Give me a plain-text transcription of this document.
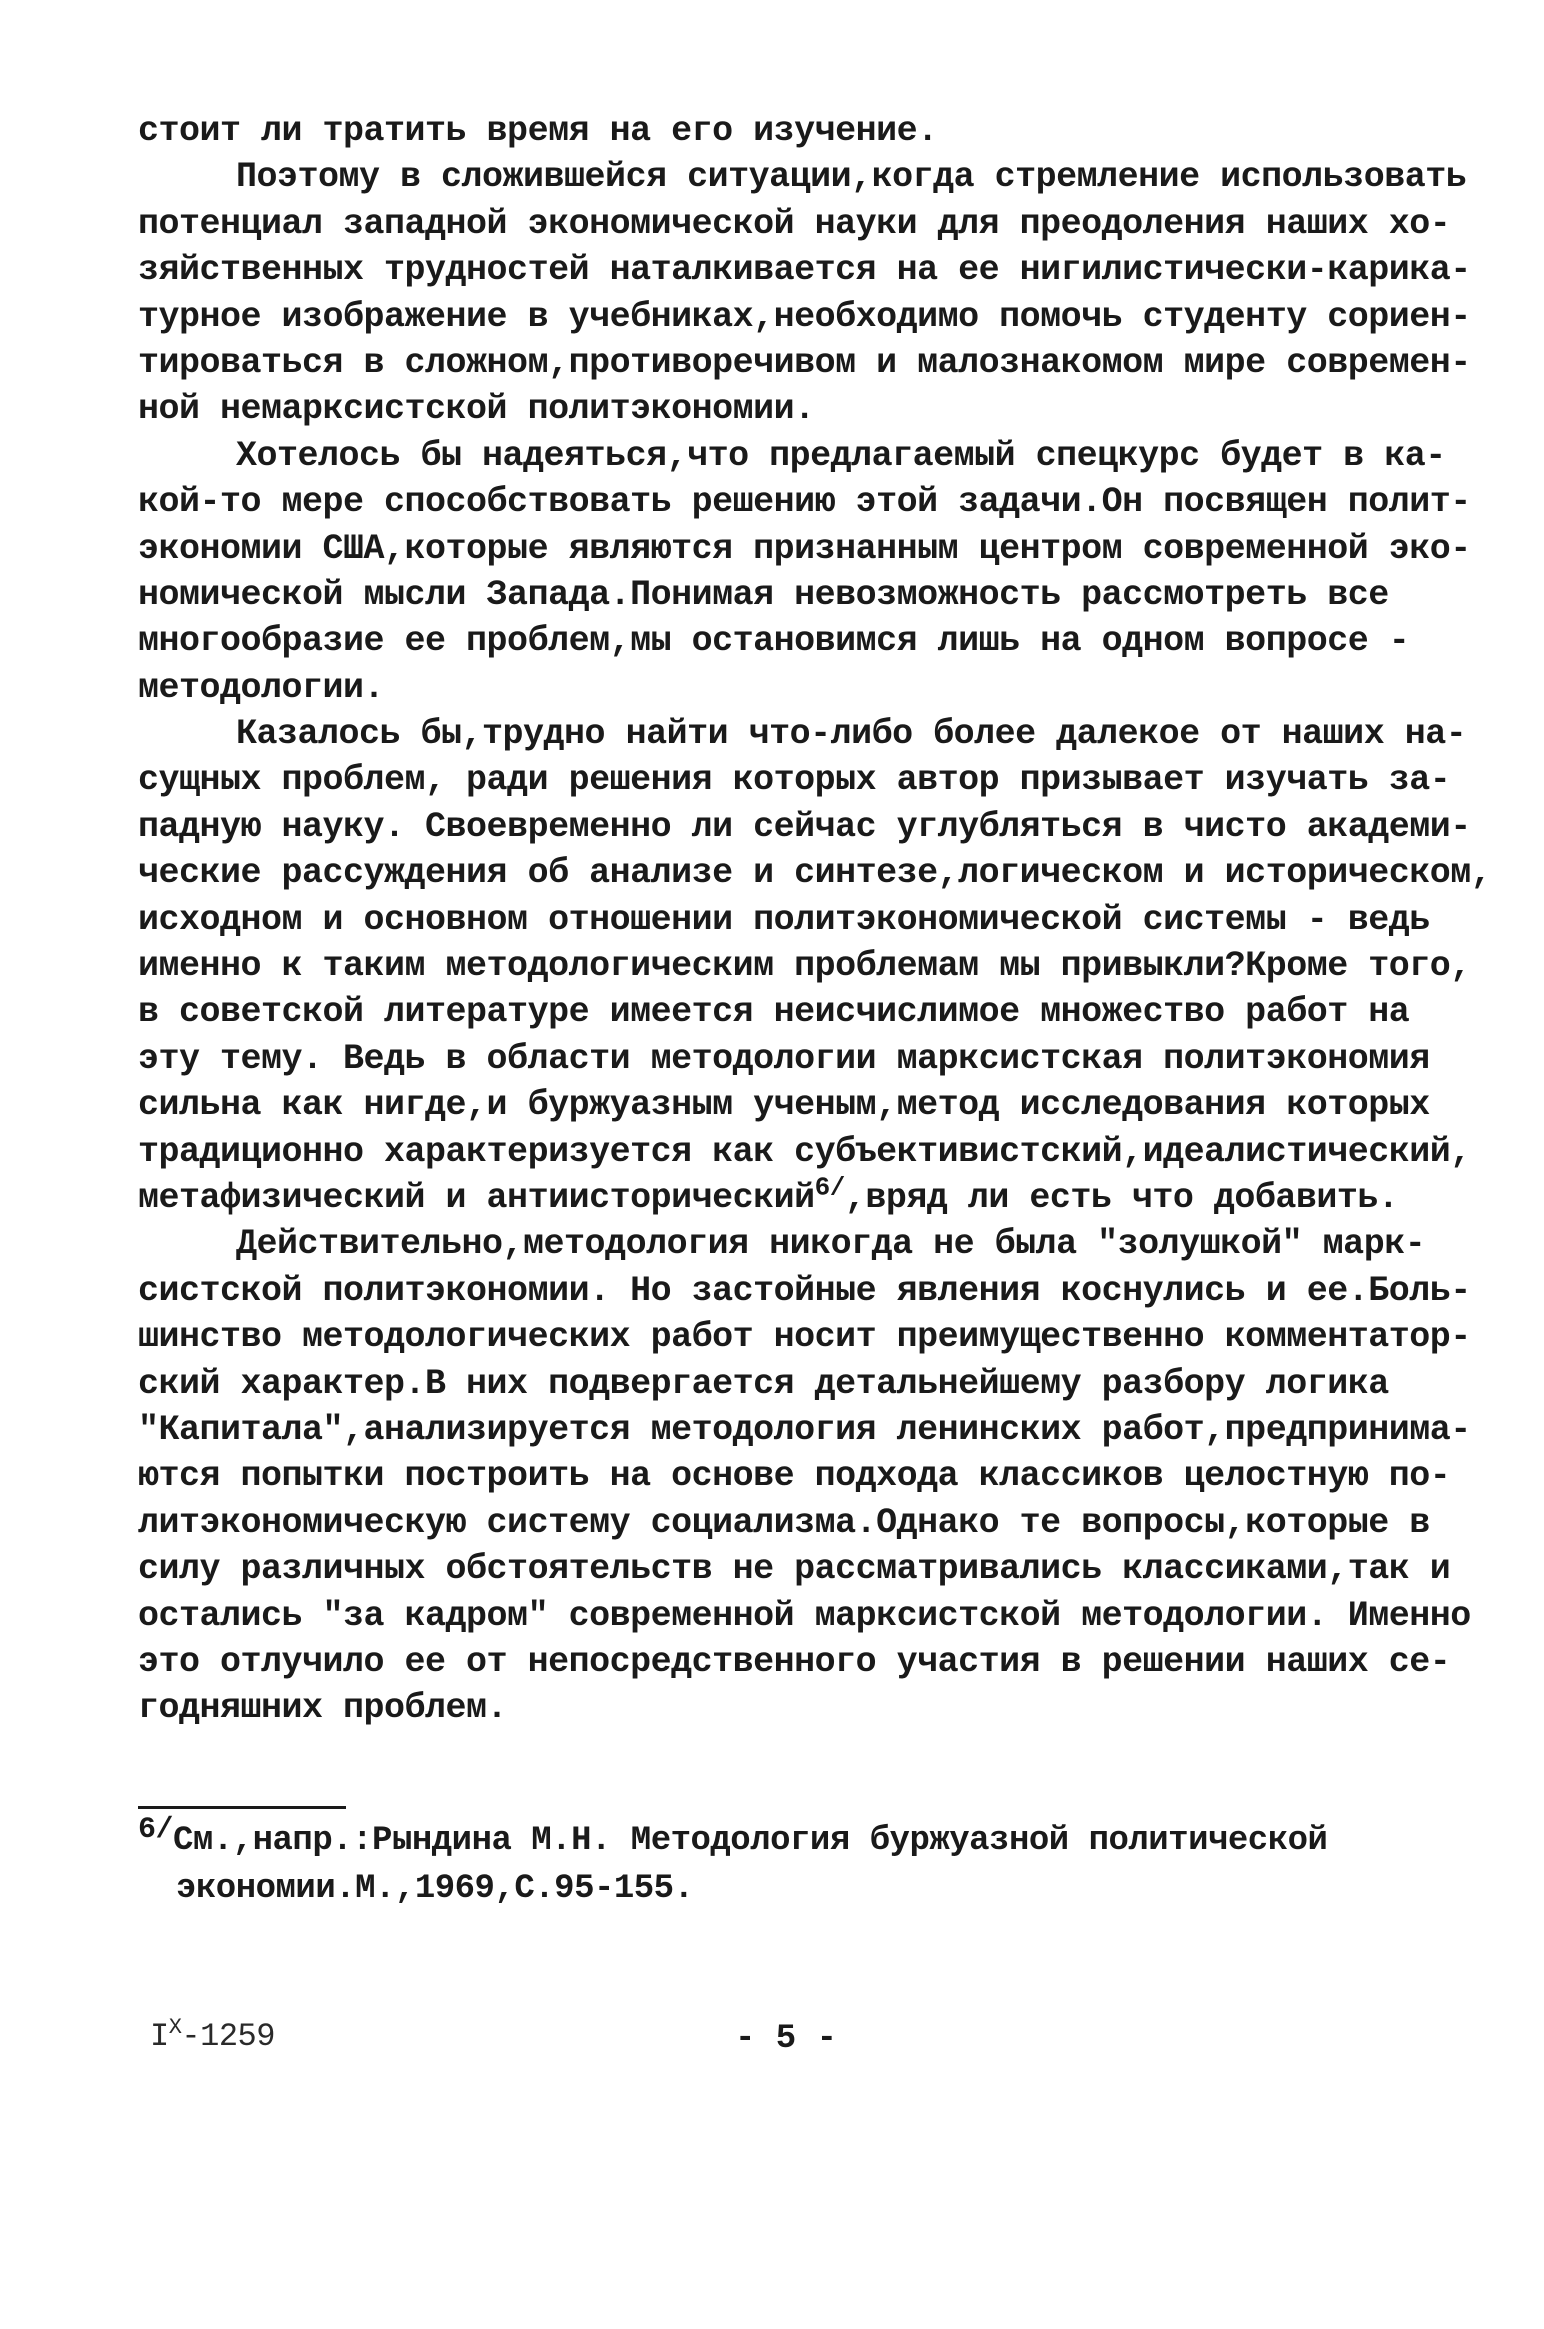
стоит ли тратить время на его изучение.
Поэтому в сложившейся ситуации,когда стремление использовать
потенциал западной экономической науки для преодоления наших хо-
зяйственных трудностей наталкивается на ее нигилистически-карика-
турное изображение в учебниках,необходимо помочь студенту сориен-
тироваться в сложном,противоречивом и малознакомом мире современ-
ной немарксистской политэкономии.
Хотелось бы надеяться,что предлагаемый спецкурс будет в ка-
кой-то мере способствовать решению этой задачи.Он посвящен полит-
экономии США,которые являются признанным центром современной эко-
номической мысли Запада.Понимая невозможность рассмотреть все
многообразие ее проблем,мы остановимся лишь на одном вопросе -
методологии.
Казалось бы,трудно найти что-либо более далекое от наших на-
сущных проблем, ради решения которых автор призывает изучать за-
падную науку. Своевременно ли сейчас углубляться в чисто академи-
ческие рассуждения об анализе и синтезе,логическом и историческом,
исходном и основном отношении политэкономической системы - ведь
именно к таким методологическим проблемам мы привыкли?Кроме того,
в советской литературе имеется неисчислимое множество работ на
эту тему. Ведь в области методологии марксистская политэкономия
сильна как нигде,и буржуазным ученым,метод исследования которых
традиционно характеризуется как субъективистский,идеалистический,
метафизический и антиисторический$^{6/}$,вряд ли есть что добавить.
Действительно,методология никогда не была "золушкой" марк-
систской политэкономии. Но застойные явления коснулись и ее.Боль-
шинство методологических работ носит преимущественно комментатор-
ский характер.В них подвергается детальнейшему разбору логика
"Капитала",анализируется методология ленинских работ,предпринима-
ются попытки построить на основе подхода классиков целостную по-
литэкономическую систему социализма.Однако те вопросы,которые в
силу различных обстоятельств не рассматривались классиками,так и
остались "за кадром" современной марксистской методологии. Именно
это отлучило ее от непосредственного участия в решении наших се-
годняшних проблем.
6/См.,напр.:Рындина М.Н. Методология буржуазной политической
экономии.М.,1969,С.95-155.
$I^X-1259$	- 5 -
